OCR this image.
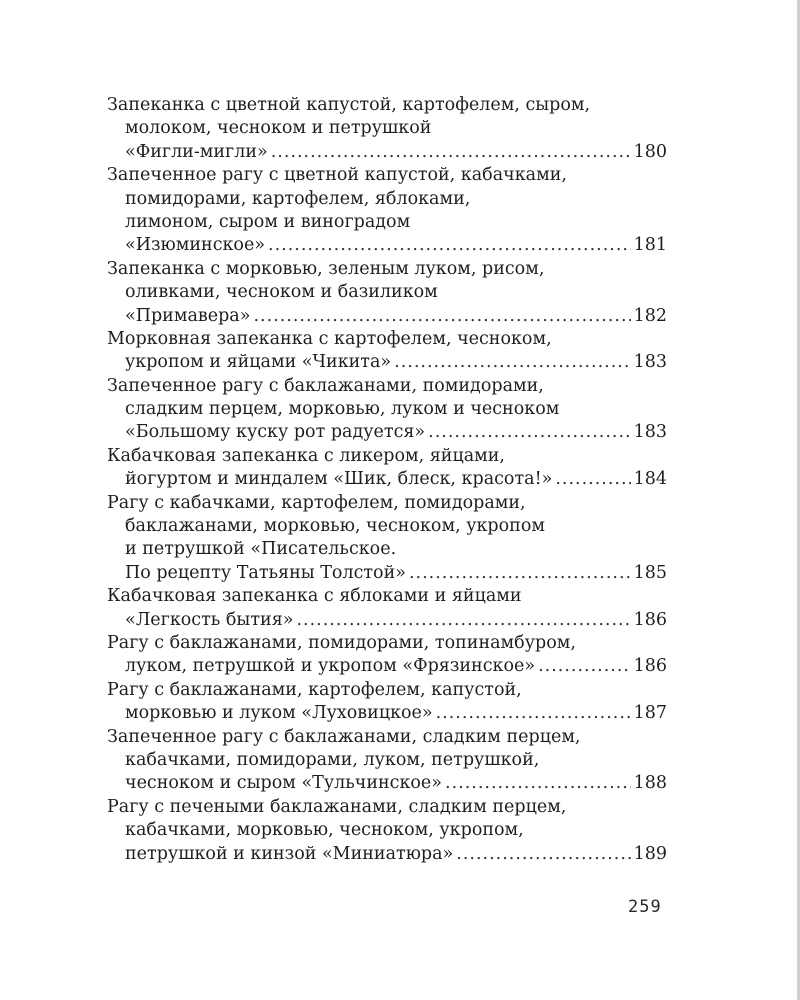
Запеканка с цветной капустой, картофелем, сыром,
молоком, чесноком и петрушкой
«Фигли-мигли» .....	180
Запеченное рагу с цветной капустой, кабачками,
помидорами, картофелем, яблоками,
лимоном, сыром и виноградом
«Изюминское» .....	181
Запеканка с морковью, зеленым луком, рисом,
оливками, чесноком и базиликом
«Примавера» .....	182
Морковная запеканка с картофелем, чесноком,
укропом и яйцами «Чикита» .....	183
Запеченное рагу с баклажанами, помидорами,
сладким перцем, морковью, луком и чесноком
«Большому куску рот радуется» .....	183
Кабачковая запеканка с ликером, яйцами,
йогуртом и миндалем «Шик, блеск, красота!» .....	184
Рагу с кабачками, картофелем, помидорами,
баклажанами, морковью, чесноком, укропом
и петрушкой «Писательское.
По рецепту Татьяны Толстой» .....	185
Кабачковая запеканка с яблоками и яйцами
«Легкость бытия» .....	186
Рагу с баклажанами, помидорами, топинамбуром,
луком, петрушкой и укропом «Фрязинское» .....	186
Рагу с баклажанами, картофелем, капустой,
морковью и луком «Луховицкое» .....	187
Запеченное рагу с баклажанами, сладким перцем,
кабачками, помидорами, луком, петрушкой,
чесноком и сыром «Тульчинское» .....	188
Рагу с печеными баклажанами, сладким перцем,
кабачками, морковью, чесноком, укропом,
петрушкой и кинзой «Миниатюра» .....	189
259
